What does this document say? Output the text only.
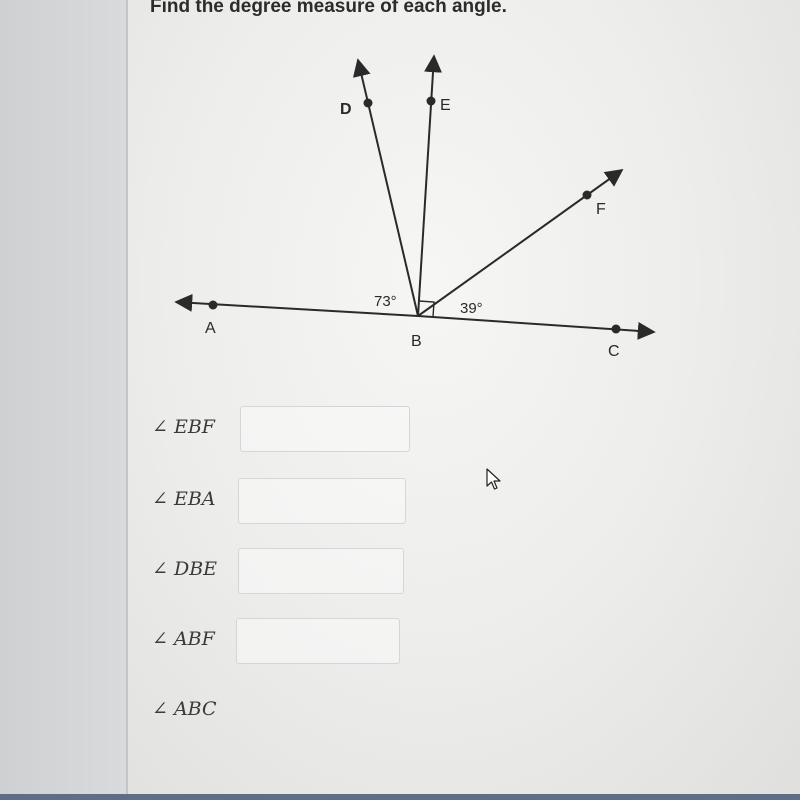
Find the degree measure of each angle.

A
B
C
D	E
F
73°	39°
∠ EBF
∠ EBA
∠ DBE
∠ ABF
∠ ABC
